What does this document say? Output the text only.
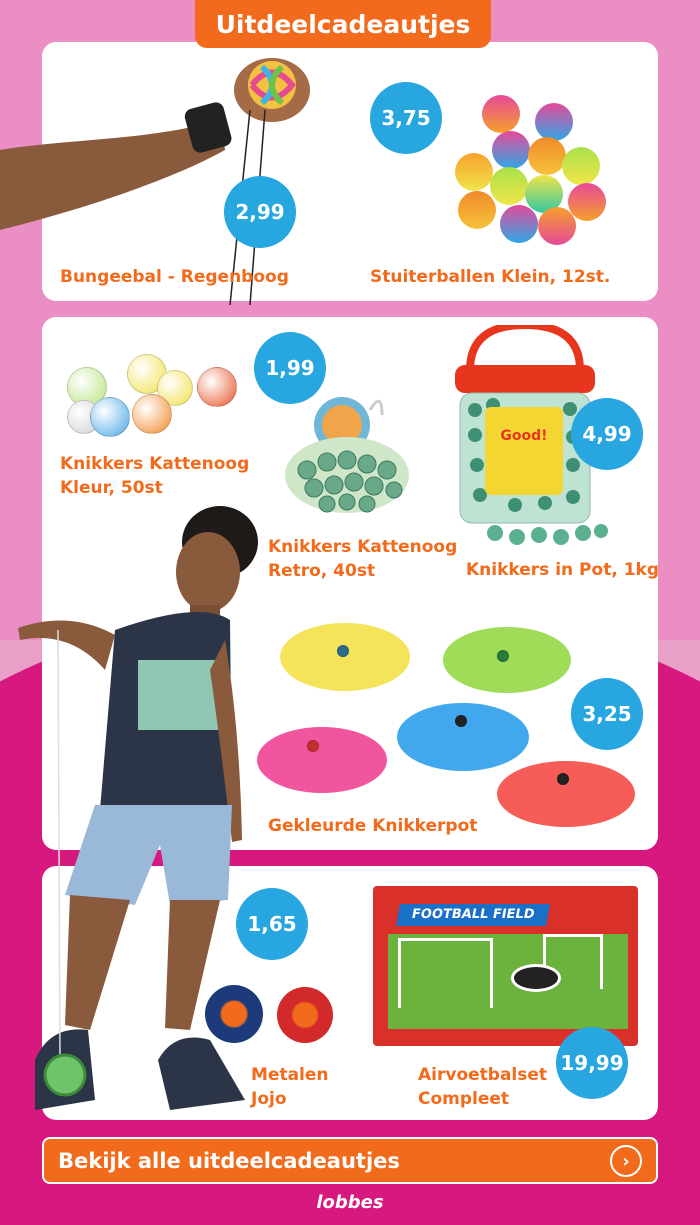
Uitdeelcadeautjes
2,99
Bungeebal - Regenboog
3,75
Stuiterballen Klein, 12st.
Knikkers Kattenoog
Kleur, 50st
1,99
Knikkers Kattenoog
Retro, 40st
Good!	4,99
Knikkers in Pot, 1kg
3,25
Gekleurde Knikkerpot
1,65
Metalen
Jojo
FOOTBALL FIELD
19,99
Airvoetbalset
Compleet
Bekijk alle uitdeelcadeautjes	›
lobbes
